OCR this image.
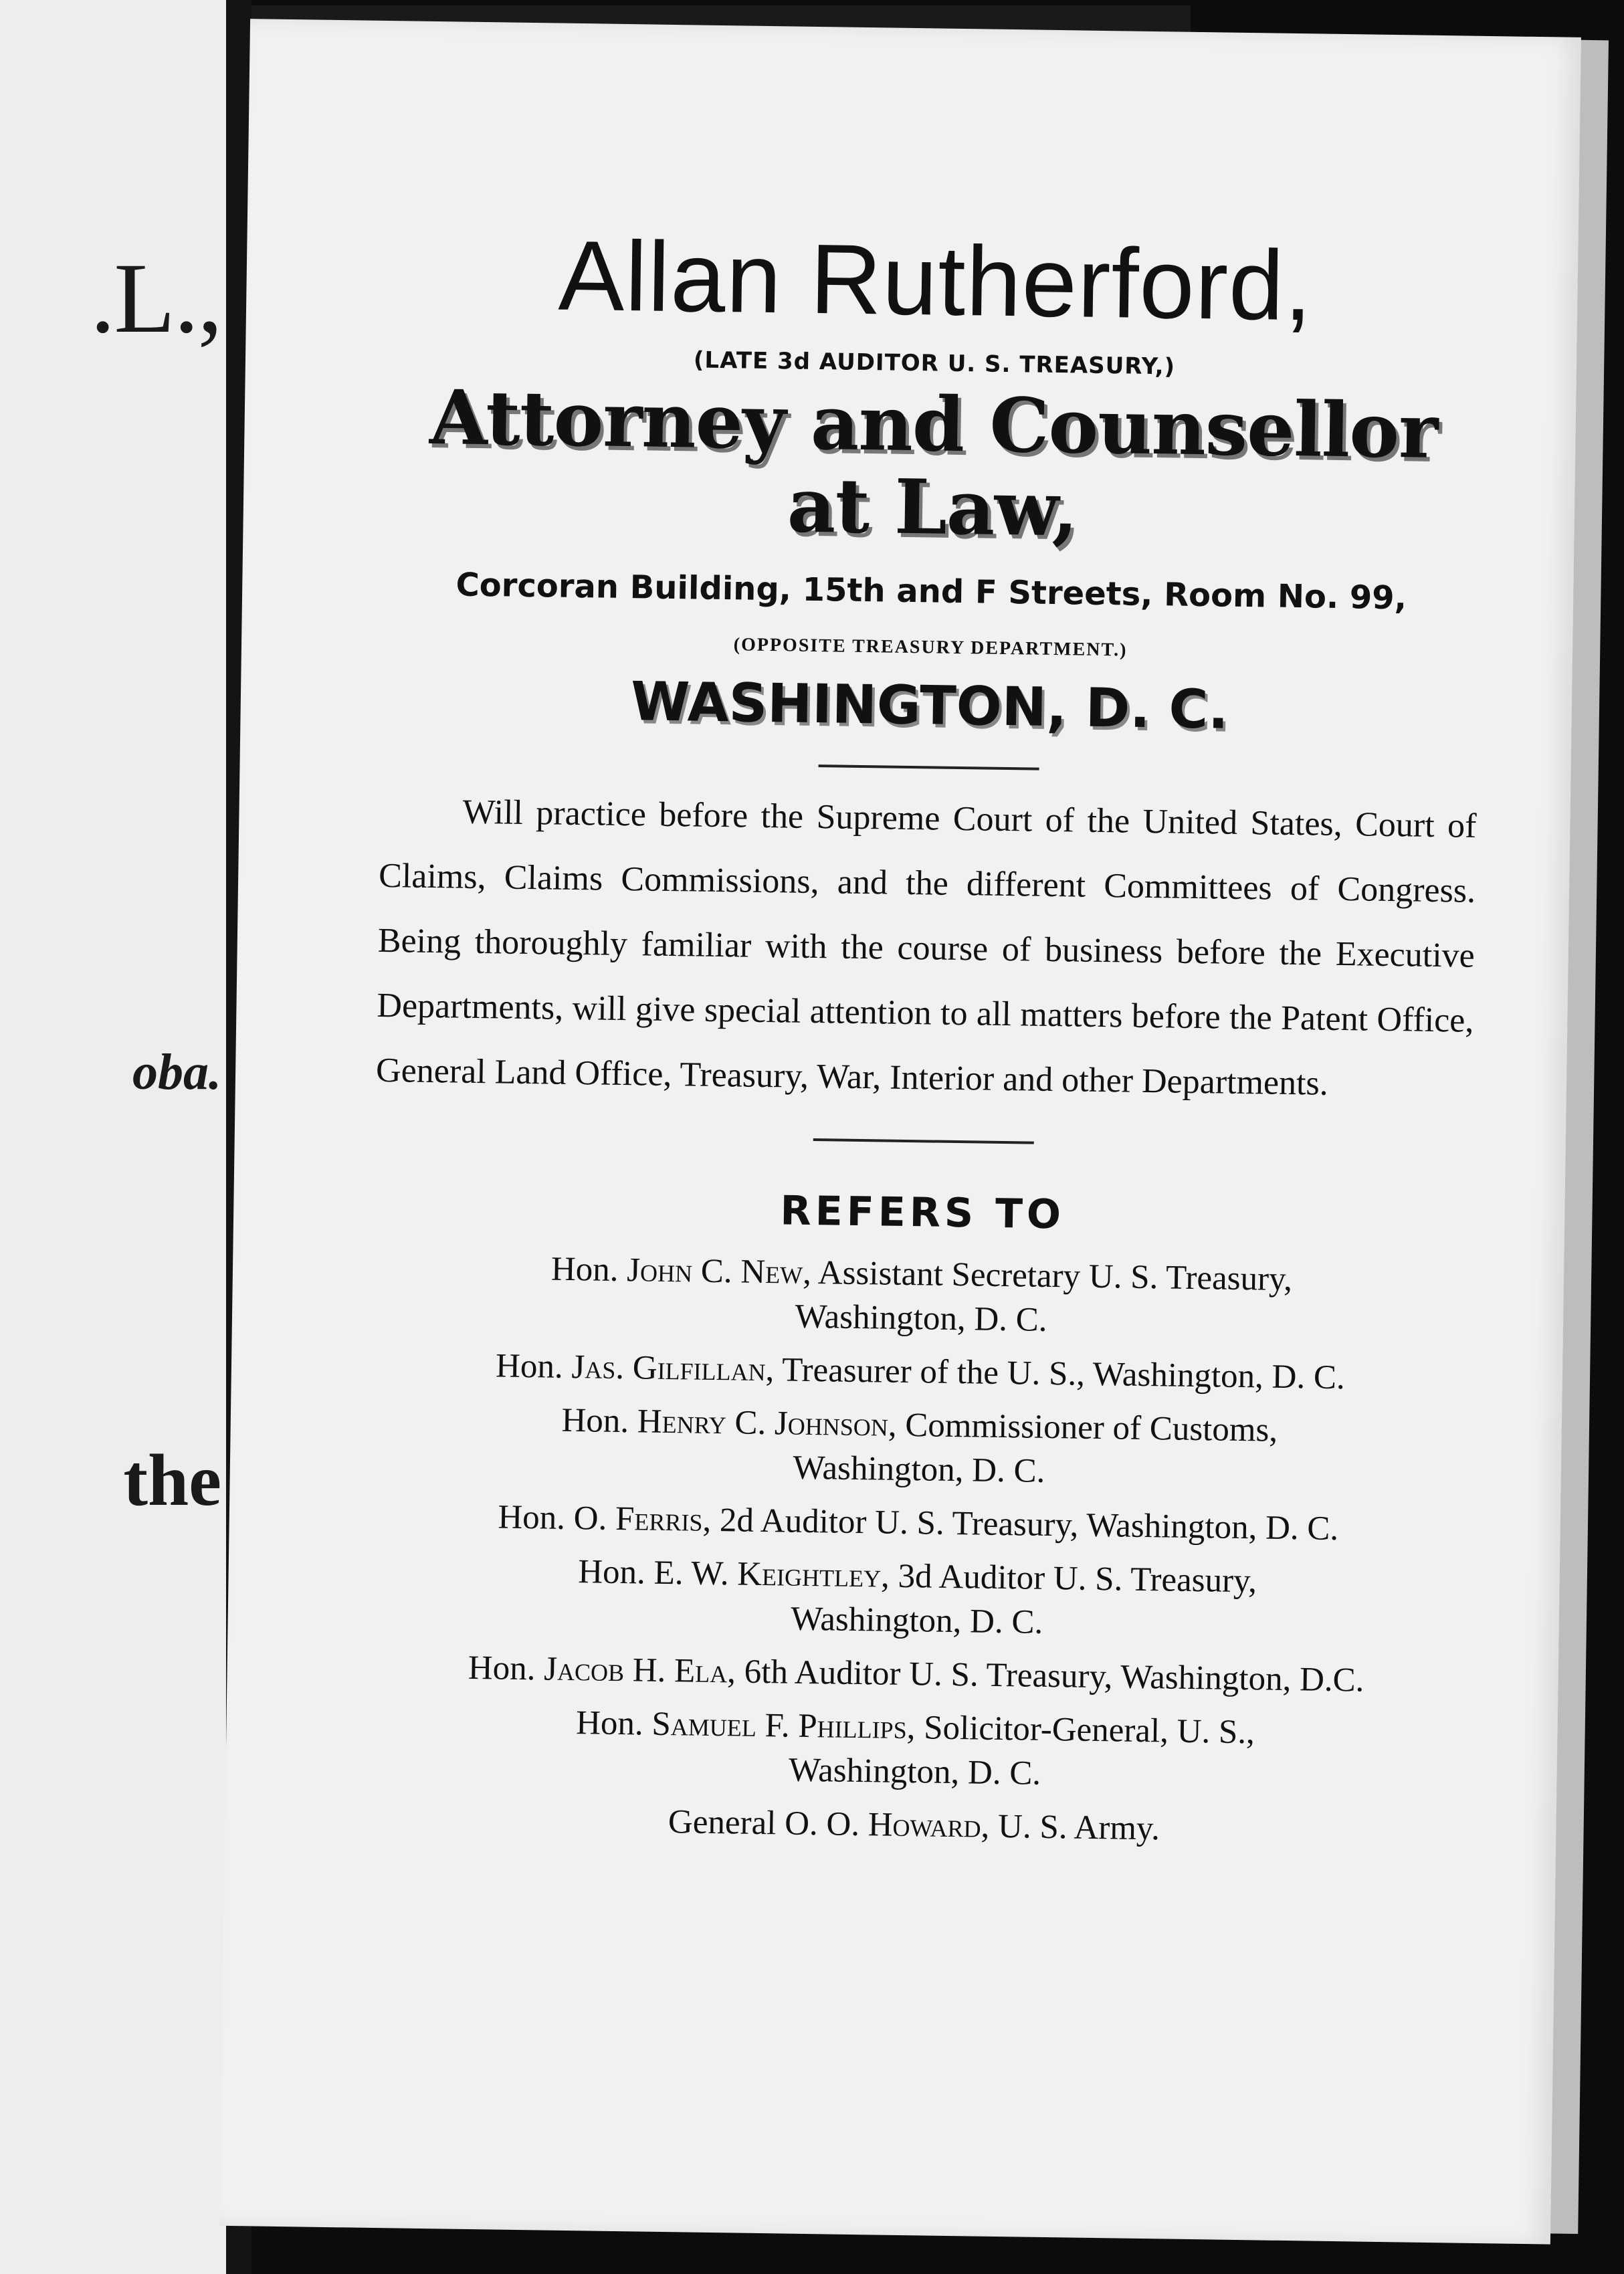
.L.,
oba.
the
Allan Rutherford,
(LATE 3d AUDITOR U. S. TREASURY,)
Attorney and Counsellor at Law,
Corcoran Building, 15th and F Streets, Room No. 99,
(OPPOSITE TREASURY DEPARTMENT.)
WASHINGTON, D. C.
Will practice before the Supreme Court of the United States, Court of Claims, Claims Commissions, and the different Committees of Congress. Being thoroughly familiar with the course of business before the Executive Departments, will give special attention to all matters before the Patent Office, General Land Office, Treasury, War, Interior and other Departments.
REFERS TO
Hon. John C. New, Assistant Secretary U. S. Treasury,
Washington, D. C.
Hon. Jas. Gilfillan, Treasurer of the U. S., Washington, D. C.
Hon. Henry C. Johnson, Commissioner of Customs,
Washington, D. C.
Hon. O. Ferris, 2d Auditor U. S. Treasury, Washington, D. C.
Hon. E. W. Keightley, 3d Auditor U. S. Treasury,
Washington, D. C.
Hon. Jacob H. Ela, 6th Auditor U. S. Treasury, Washington, D.C.
Hon. Samuel F. Phillips, Solicitor-General, U. S.,
Washington, D. C.
General O. O. Howard, U. S. Army.
